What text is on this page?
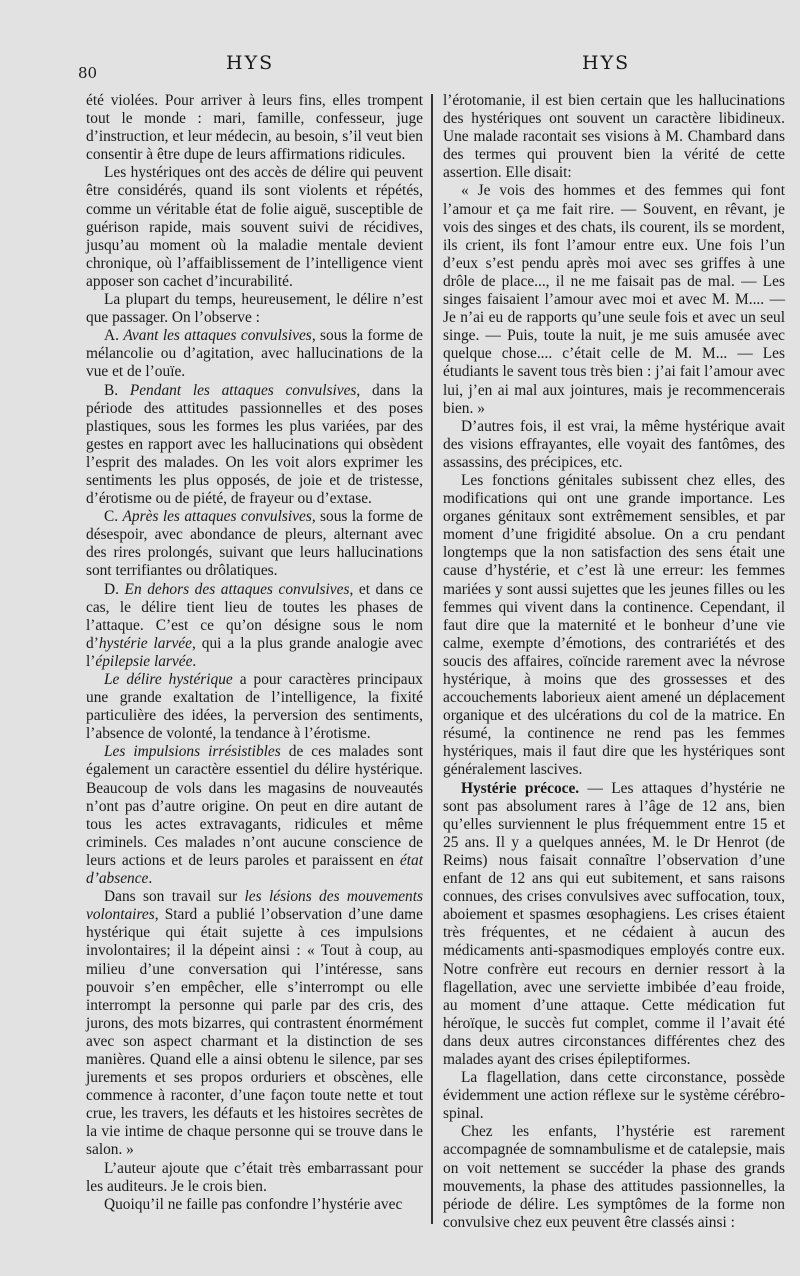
80	HYS	HYS

été violées. Pour arriver à leurs fins, elles trompent tout le monde : mari, famille, confesseur, juge d’instruction, et leur médecin, au besoin, s’il veut bien consentir à être dupe de leurs affirmations ridicules.

Les hystériques ont des accès de délire qui peuvent être considérés, quand ils sont violents et répétés, comme un véritable état de folie aiguë, susceptible de guérison rapide, mais souvent suivi de récidives, jusqu’au moment où la maladie mentale devient chronique, où l’affaiblissement de l’intelligence vient apposer son cachet d’incurabilité.

La plupart du temps, heureusement, le délire n’est que passager. On l’observe :

A. Avant les attaques convulsives, sous la forme de mélancolie ou d’agitation, avec hallucinations de la vue et de l’ouïe.

B. Pendant les attaques convulsives, dans la période des attitudes passionnelles et des poses plastiques, sous les formes les plus variées, par des gestes en rapport avec les hallucinations qui obsèdent l’esprit des malades. On les voit alors exprimer les sentiments les plus opposés, de joie et de tristesse, d’érotisme ou de piété, de frayeur ou d’extase.

C. Après les attaques convulsives, sous la forme de désespoir, avec abondance de pleurs, alternant avec des rires prolongés, suivant que leurs hallucinations sont terrifiantes ou drôlatiques.

D. En dehors des attaques convulsives, et dans ce cas, le délire tient lieu de toutes les phases de l’attaque. C’est ce qu’on désigne sous le nom d’hystérie larvée, qui a la plus grande analogie avec l’épilepsie larvée.

Le délire hystérique a pour caractères principaux une grande exaltation de l’intelligence, la fixité particulière des idées, la perversion des sentiments, l’absence de volonté, la tendance à l’érotisme.

Les impulsions irrésistibles de ces malades sont également un caractère essentiel du délire hystérique. Beaucoup de vols dans les magasins de nouveautés n’ont pas d’autre origine. On peut en dire autant de tous les actes extravagants, ridicules et même criminels. Ces malades n’ont aucune conscience de leurs actions et de leurs paroles et paraissent en état d’absence.

Dans son travail sur les lésions des mouvements volontaires, Stard a publié l’observation d’une dame hystérique qui était sujette à ces impulsions involontaires; il la dépeint ainsi : « Tout à coup, au milieu d’une conversation qui l’intéresse, sans pouvoir s’en empêcher, elle s’interrompt ou elle interrompt la personne qui parle par des cris, des jurons, des mots bizarres, qui contrastent énormément avec son aspect charmant et la distinction de ses manières. Quand elle a ainsi obtenu le silence, par ses jurements et ses propos orduriers et obscènes, elle commence à raconter, d’une façon toute nette et tout crue, les travers, les défauts et les histoires secrètes de la vie intime de chaque personne qui se trouve dans le salon. »

L’auteur ajoute que c’était très embarrassant pour les auditeurs. Je le crois bien.

Quoiqu’il ne faille pas confondre l’hystérie avec

l’érotomanie, il est bien certain que les hallucinations des hystériques ont souvent un caractère libidineux. Une malade racontait ses visions à M. Chambard dans des termes qui prouvent bien la vérité de cette assertion. Elle disait:

« Je vois des hommes et des femmes qui font l’amour et ça me fait rire. — Souvent, en rêvant, je vois des singes et des chats, ils courent, ils se mordent, ils crient, ils font l’amour entre eux. Une fois l’un d’eux s’est pendu après moi avec ses griffes à une drôle de place..., il ne me faisait pas de mal. — Les singes faisaient l’amour avec moi et avec M. M.... — Je n’ai eu de rapports qu’une seule fois et avec un seul singe. — Puis, toute la nuit, je me suis amusée avec quelque chose.... c’était celle de M. M... — Les étudiants le savent tous très bien : j’ai fait l’amour avec lui, j’en ai mal aux jointures, mais je recommencerais bien. »

D’autres fois, il est vrai, la même hystérique avait des visions effrayantes, elle voyait des fantômes, des assassins, des précipices, etc.

Les fonctions génitales subissent chez elles, des modifications qui ont une grande importance. Les organes génitaux sont extrêmement sensibles, et par moment d’une frigidité absolue. On a cru pendant longtemps que la non satisfaction des sens était une cause d’hystérie, et c’est là une erreur: les femmes mariées y sont aussi sujettes que les jeunes filles ou les femmes qui vivent dans la continence. Cependant, il faut dire que la maternité et le bonheur d’une vie calme, exempte d’émotions, des contrariétés et des soucis des affaires, coïncide rarement avec la névrose hystérique, à moins que des grossesses et des accouchements laborieux aient amené un déplacement organique et des ulcérations du col de la matrice. En résumé, la continence ne rend pas les femmes hystériques, mais il faut dire que les hystériques sont généralement lascives.

Hystérie précoce. — Les attaques d’hystérie ne sont pas absolument rares à l’âge de 12 ans, bien qu’elles surviennent le plus fréquemment entre 15 et 25 ans. Il y a quelques années, M. le Dr Henrot (de Reims) nous faisait connaître l’observation d’une enfant de 12 ans qui eut subitement, et sans raisons connues, des crises convulsives avec suffocation, toux, aboiement et spasmes œsophagiens. Les crises étaient très fréquentes, et ne cédaient à aucun des médicaments anti-spasmodiques employés contre eux. Notre confrère eut recours en dernier ressort à la flagellation, avec une serviette imbibée d’eau froide, au moment d’une attaque. Cette médication fut héroïque, le succès fut complet, comme il l’avait été dans deux autres circonstances différentes chez des malades ayant des crises épileptiformes.

La flagellation, dans cette circonstance, possède évidemment une action réflexe sur le système cérébro-spinal.

Chez les enfants, l’hystérie est rarement accompagnée de somnambulisme et de catalepsie, mais on voit nettement se succéder la phase des grands mouvements, la phase des attitudes passionnelles, la période de délire. Les symptômes de la forme non convulsive chez eux peuvent être classés ainsi :
